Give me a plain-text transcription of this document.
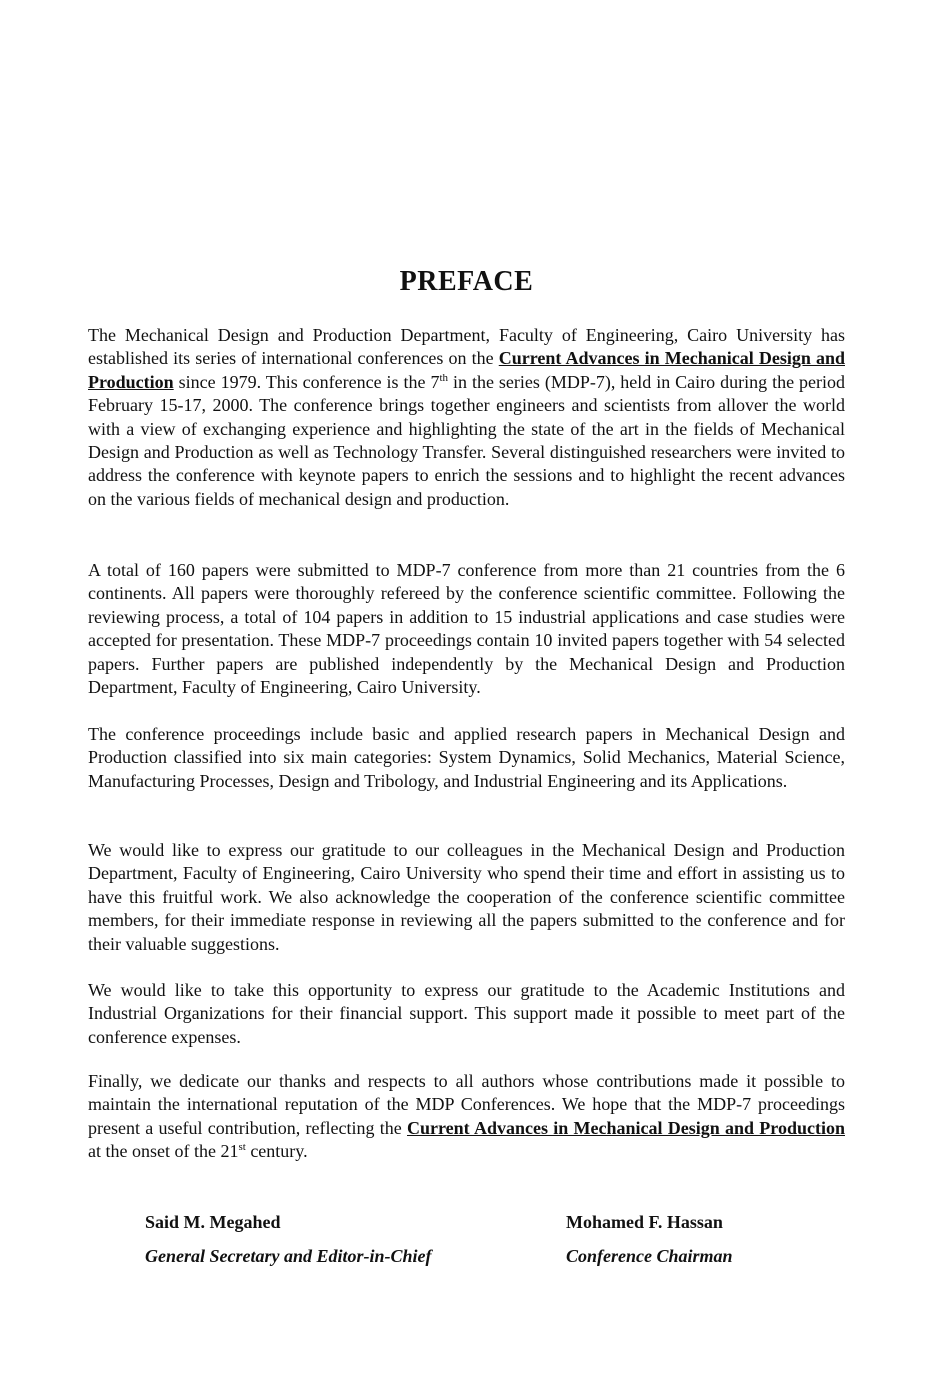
PREFACE

The Mechanical Design and Production Department, Faculty of Engineering, Cairo University has established its series of international conferences on the Current Advances in Mechanical Design and Production since 1979. This conference is the 7th in the series (MDP-7), held in Cairo during the period February 15-17, 2000. The conference brings together engineers and scientists from allover the world with a view of exchanging experience and highlighting the state of the art in the fields of Mechanical Design and Production as well as Technology Transfer. Several distinguished researchers were invited to address the conference with keynote papers to enrich the sessions and to highlight the recent advances on the various fields of mechanical design and production.

A total of 160 papers were submitted to MDP-7 conference from more than 21 countries from the 6 continents. All papers were thoroughly refereed by the conference scientific committee. Following the reviewing process, a total of 104 papers in addition to 15 industrial applications and case studies were accepted for presentation. These MDP-7 proceedings contain 10 invited papers together with 54 selected papers. Further papers are published independently by the Mechanical Design and Production Department, Faculty of Engineering, Cairo University.

The conference proceedings include basic and applied research papers in Mechanical Design and Production classified into six main categories: System Dynamics, Solid Mechanics, Material Science, Manufacturing Processes, Design and Tribology, and Industrial Engineering and its Applications.

We would like to express our gratitude to our colleagues in the Mechanical Design and Production Department, Faculty of Engineering, Cairo University who spend their time and effort in assisting us to have this fruitful work. We also acknowledge the cooperation of the conference scientific committee members, for their immediate response in reviewing all the papers submitted to the conference and for their valuable suggestions.

We would like to take this opportunity to express our gratitude to the Academic Institutions and Industrial Organizations for their financial support. This support made it possible to meet part of the conference expenses.

Finally, we dedicate our thanks and respects to all authors whose contributions made it possible to maintain the international reputation of the MDP Conferences. We hope that the MDP-7 proceedings present a useful contribution, reflecting the Current Advances in Mechanical Design and Production at the onset of the 21st century.

Said M. Megahed

General Secretary and Editor-in-Chief

Mohamed F. Hassan

Conference Chairman
